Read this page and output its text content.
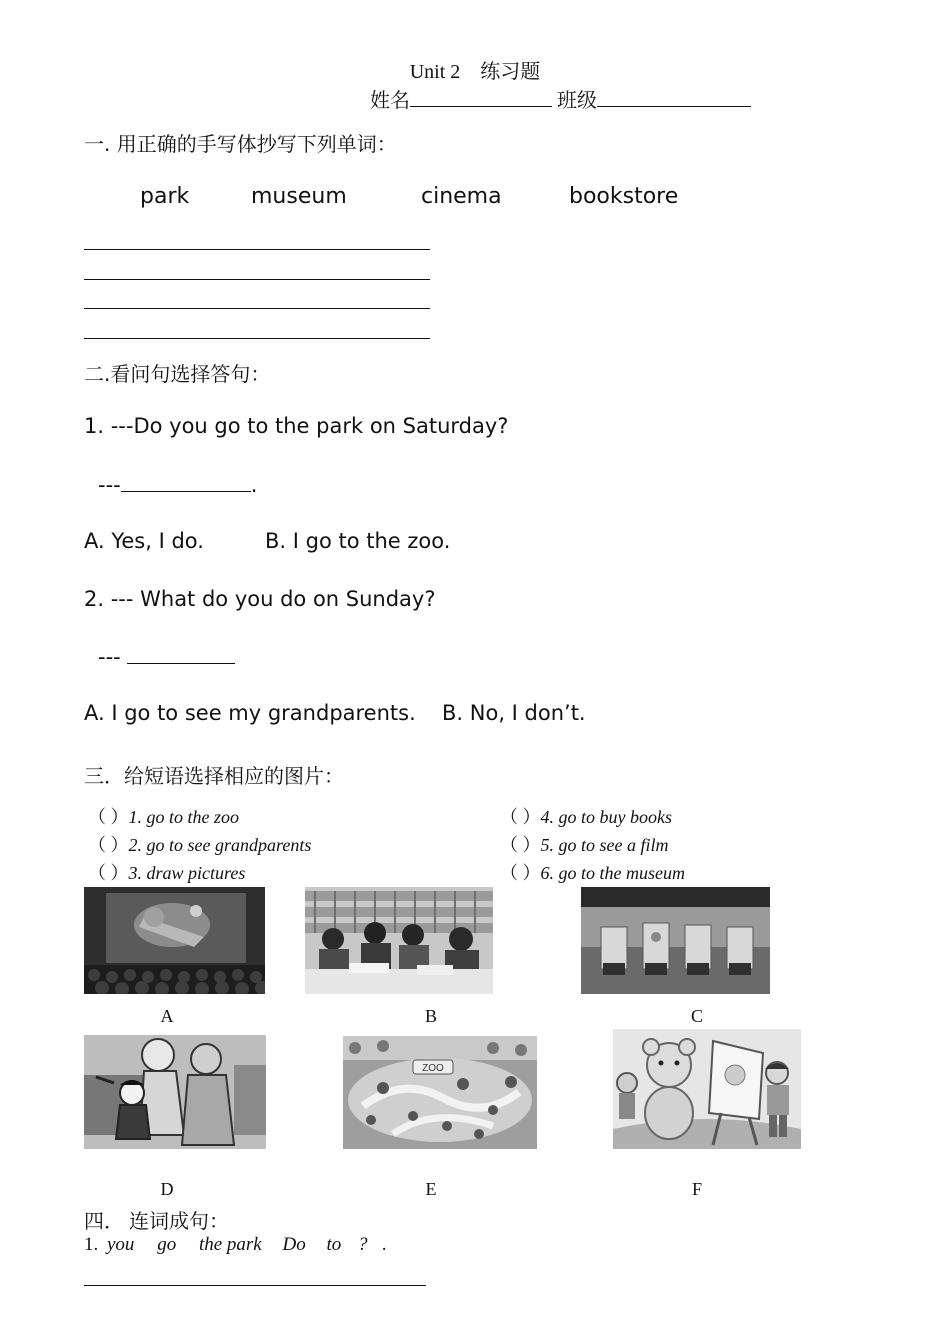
Unit 2　练习题
姓名	班级
一. 用正确的手写体抄写下列单词：
park	museum	cinema	bookstore
二.看问句选择答句：
1. ---Do you go to the park on Saturday?
---	.
A. Yes, I do.	B. I go to the zoo.
2. --- What do you do on Sunday?
---
A. I go to see my grandparents. B. No, I don’t.
三．给短语选择相应的图片：
（ ）1. go to the zoo
（ ）2. go to see grandparents
（ ）3. draw pictures
（ ）4. go to buy books
（ ）5. go to see a film
（ ）6. go to the museum
A	B	C
ZOO
D	E	F
四． 连词成句：
1. you go the park Do to ? .
